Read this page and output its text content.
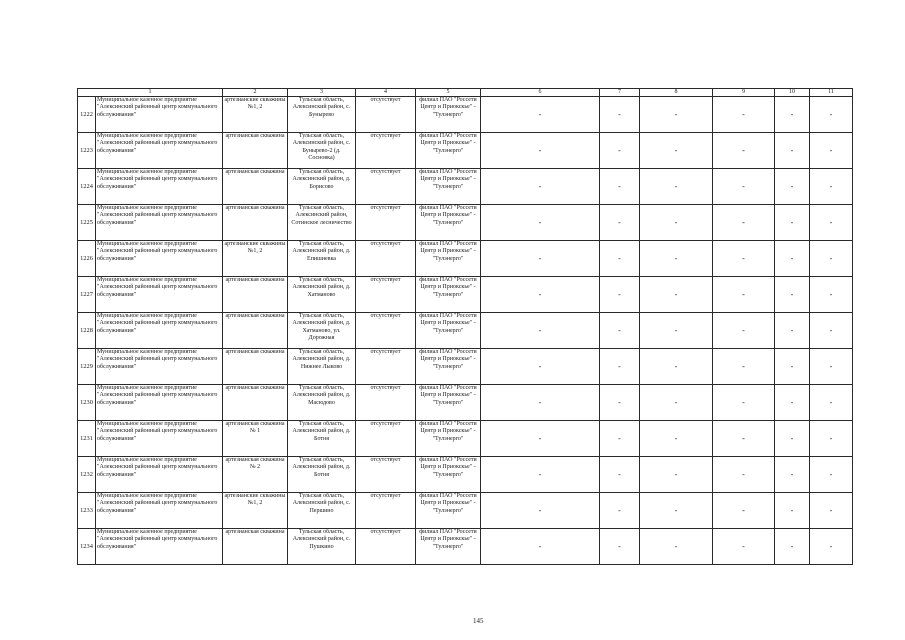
1		2	3	4	5	6	7	8	9	10	11
1222	Муниципальное казенное предприятие "Алексинский районный центр коммунального обслуживания"	артезианские скважины №1, 2	Тульская область, Алексинский район, с. Бунырево	отсутствует	филиал ПАО "Россети Центр и Приокскье" - "Тулэнерго"	-	-	-	-	-	-
1223	Муниципальное казенное предприятие "Алексинский районный центр коммунального обслуживания"	артезианская скважина	Тульская область, Алексинский район, с. Бунырево-2 (д. Сосновка)	отсутствует	филиал ПАО "Россети Центр и Приокскье" - "Тулэнерго"	-	-	-	-	-	-
1224	Муниципальное казенное предприятие "Алексинский районный центр коммунального обслуживания"	артезианская скважина	Тульская область, Алексинский район, д. Борисово	отсутствует	филиал ПАО "Россети Центр и Приокскье" - "Тулэнерго"	-	-	-	-	-	-
1225	Муниципальное казенное предприятие "Алексинский районный центр коммунального обслуживания"	артезианская скважина	Тульская область, Алексинский район, Сотинское лесничество	отсутствует	филиал ПАО "Россети Центр и Приокскье" - "Тулэнерго"	-	-	-	-	-	-
1226	Муниципальное казенное предприятие "Алексинский районный центр коммунального обслуживания"	артезианские скважины №1, 2	Тульская область, Алексинский район, д. Епишиевка	отсутствует	филиал ПАО "Россети Центр и Приокскье" - "Тулэнерго"	-	-	-	-	-	-
1227	Муниципальное казенное предприятие "Алексинский районный центр коммунального обслуживания"	артезианская скважина	Тульская область, Алексинский район, д. Хатманово	отсутствует	филиал ПАО "Россети Центр и Приокскье" - "Тулэнерго"	-	-	-	-	-	-
1228	Муниципальное казенное предприятие "Алексинский районный центр коммунального обслуживания"	артезианская скважина	Тульская область, Алексинский район, д. Хатманово, ул. Дорожная	отсутствует	филиал ПАО "Россети Центр и Приокскье" - "Тулэнерго"	-	-	-	-	-	-
1229	Муниципальное казенное предприятие "Алексинский районный центр коммунального обслуживания"	артезианская скважина	Тульская область, Алексинский район, д. Нижнее Лыково	отсутствует	филиал ПАО "Россети Центр и Приокскье" - "Тулэнерго"	-	-	-	-	-	-
1230	Муниципальное казенное предприятие "Алексинский районный центр коммунального обслуживания"	артезианская скважина	Тульская область, Алексинский район, д. Масюдово	отсутствует	филиал ПАО "Россети Центр и Приокскье" - "Тулэнерго"	-	-	-	-	-	-
1231	Муниципальное казенное предприятие "Алексинский районный центр коммунального обслуживания"	артезианская скважина № 1	Тульская область, Алексинский район, д. Ботня	отсутствует	филиал ПАО "Россети Центр и Приокскье" - "Тулэнерго"	-	-	-	-	-	-
1232	Муниципальное казенное предприятие "Алексинский районный центр коммунального обслуживания"	артезианская скважина № 2	Тульская область, Алексинский район, д. Ботня	отсутствует	филиал ПАО "Россети Центр и Приокскье" - "Тулэнерго"	-	-	-	-	-	-
1233	Муниципальное казенное предприятие "Алексинский районный центр коммунального обслуживания"	артезианские скважины №1, 2	Тульская область, Алексинский район, с. Першино	отсутствует	филиал ПАО "Россети Центр и Приокскье" - "Тулэнерго"	-	-	-	-	-	-
1234	Муниципальное казенное предприятие "Алексинский районный центр коммунального обслуживания"	артезианская скважина	Тульская область, Алексинский район, с. Пушкино	отсутствует	филиал ПАО "Россети Центр и Приокскье" - "Тулэнерго"	-	-	-	-	-	-
145
